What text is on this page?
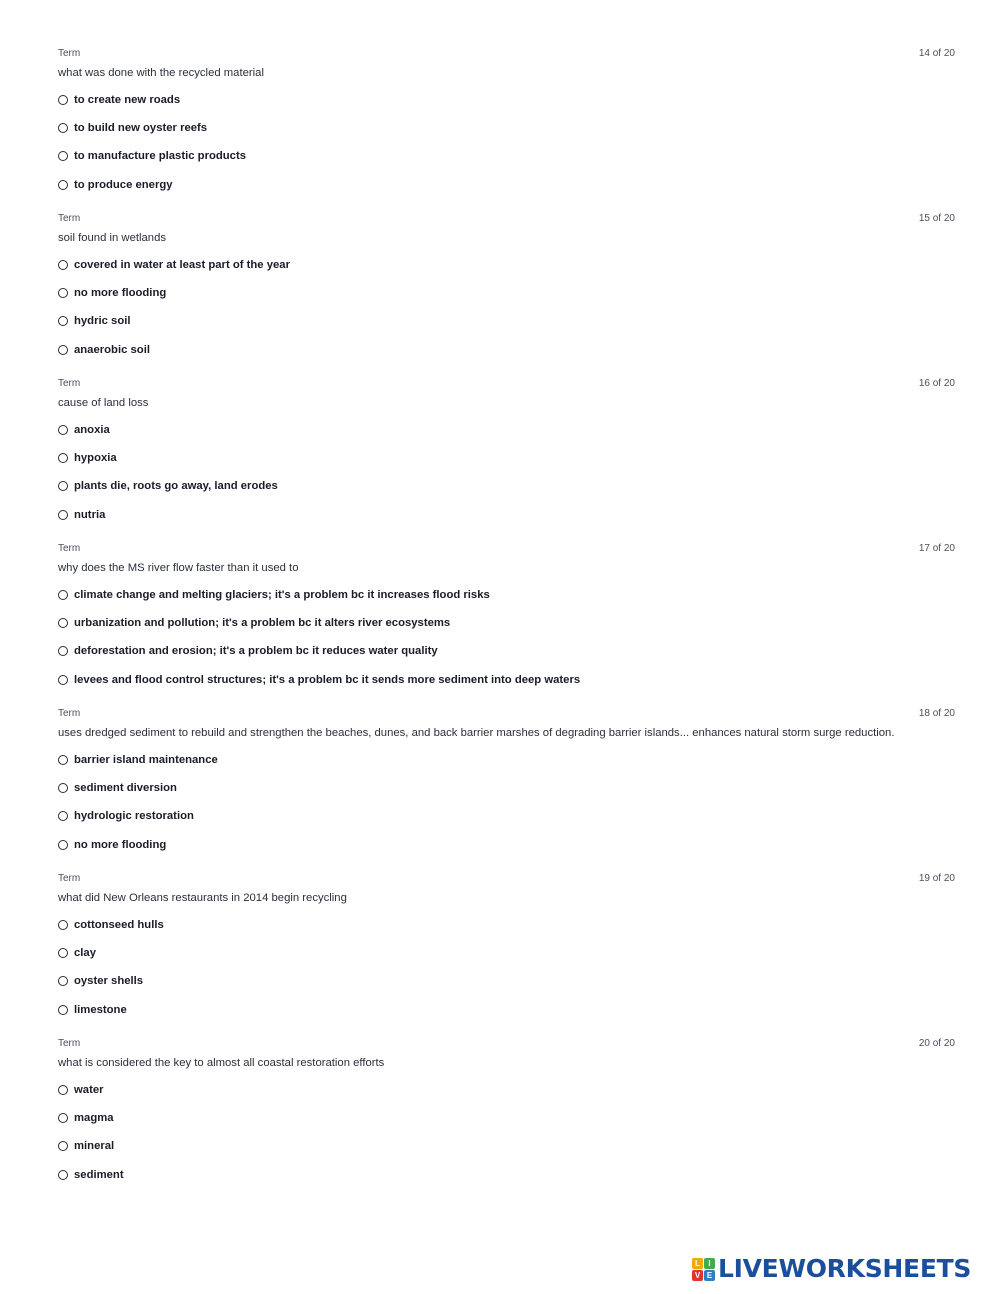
Term	14 of 20
what was done with the recycled material
to create new roads
to build new oyster reefs
to manufacture plastic products
to produce energy
Term	15 of 20
soil found in wetlands
covered in water at least part of the year
no more flooding
hydric soil
anaerobic soil
Term	16 of 20
cause of land loss
anoxia
hypoxia
plants die, roots go away, land erodes
nutria
Term	17 of 20
why does the MS river flow faster than it used to
climate change and melting glaciers; it's a problem bc it increases flood risks
urbanization and pollution; it's a problem bc it alters river ecosystems
deforestation and erosion; it's a problem bc it reduces water quality
levees and flood control structures; it's a problem bc it sends more sediment into deep waters
Term	18 of 20
uses dredged sediment to rebuild and strengthen the beaches, dunes, and back barrier marshes of degrading barrier islands... enhances natural storm surge reduction.
barrier island maintenance
sediment diversion
hydrologic restoration
no more flooding
Term	19 of 20
what did New Orleans restaurants in 2014 begin recycling
cottonseed hulls
clay
oyster shells
limestone
Term	20 of 20
what is considered the key to almost all coastal restoration efforts
water
magma
mineral
sediment
L	I
V E LIVEWORKSHEETS
